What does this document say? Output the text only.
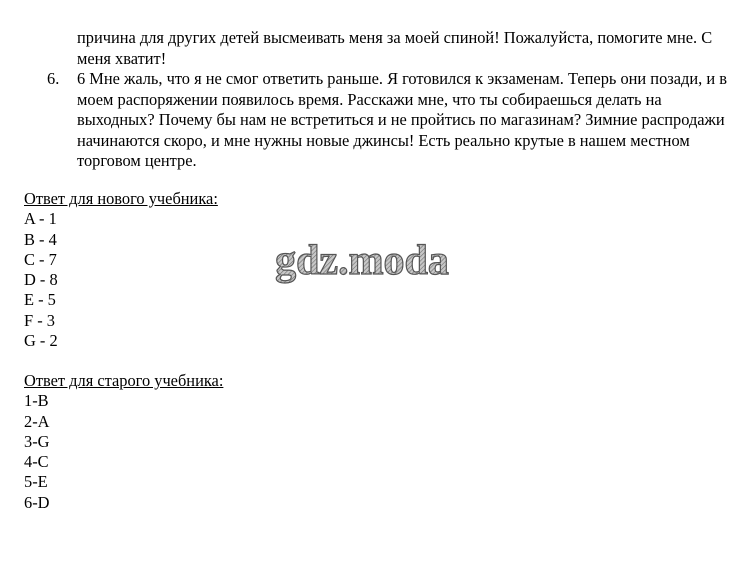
причина для других детей высмеивать меня за моей спиной! Пожалуйста, помогите мне. С меня хватит!
6. 6 Мне жаль, что я не смог ответить раньше. Я готовился к экзаменам. Теперь они позади, и в моем распоряжении появилось время. Расскажи мне, что ты собираешься делать на выходных? Почему бы нам не встретиться и не пройтись по магазинам? Зимние распродажи начинаются скоро, и мне нужны новые джинсы! Есть реально крутые в нашем местном торговом центре.
Ответ для нового учебника:
A - 1
B - 4
C - 7
D - 8
E - 5
F - 3
G - 2
Ответ для старого учебника:
1-B
2-A
3-G
4-C
5-E
6-D
gdz.moda
